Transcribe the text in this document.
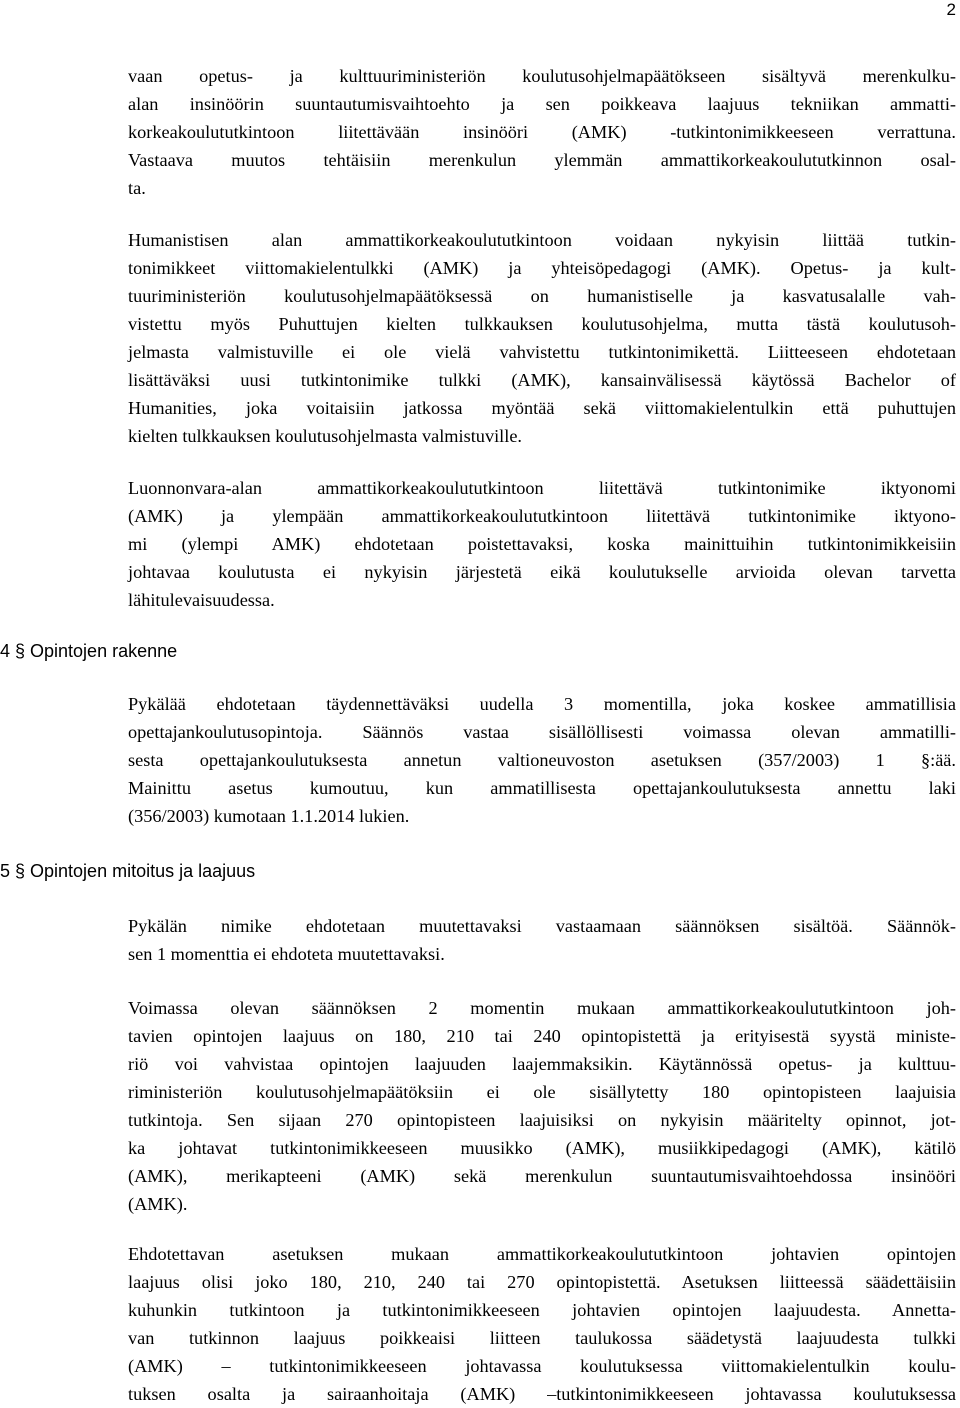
2
4 § Opintojen rakenne
5 § Opintojen mitoitus ja laajuus
vaan opetus- ja kulttuuriministeriön koulutusohjelmapäätökseen sisältyvä merenkulku-
alan insinöörin suuntautumisvaihtoehto ja sen poikkeava laajuus tekniikan ammatti-
korkeakoulututkintoon liitettävään insinööri (AMK) -tutkintonimikkeeseen verrattuna.
Vastaava muutos tehtäisiin merenkulun ylemmän ammattikorkeakoulututkinnon osal-
ta.
Humanistisen alan ammattikorkeakoulututkintoon voidaan nykyisin liittää tutkin-
tonimikkeet viittomakielentulkki (AMK) ja yhteisöpedagogi (AMK). Opetus- ja kult-
tuuriministeriön koulutusohjelmapäätöksessä on humanistiselle ja kasvatusalalle vah-
vistettu myös Puhuttujen kielten tulkkauksen koulutusohjelma, mutta tästä koulutusoh-
jelmasta valmistuville ei ole vielä vahvistettu tutkintonimikettä. Liitteeseen ehdotetaan
lisättäväksi uusi tutkintonimike tulkki (AMK), kansainvälisessä käytössä Bachelor of
Humanities, joka voitaisiin jatkossa myöntää sekä viittomakielentulkin että puhuttujen
kielten tulkkauksen koulutusohjelmasta valmistuville.
Luonnonvara-alan ammattikorkeakoulututkintoon liitettävä tutkintonimike iktyonomi
(AMK) ja ylempään ammattikorkeakoulututkintoon liitettävä tutkintonimike iktyono-
mi (ylempi AMK) ehdotetaan poistettavaksi, koska mainittuihin tutkintonimikkeisiin
johtavaa koulutusta ei nykyisin järjestetä eikä koulutukselle arvioida olevan tarvetta
lähitulevaisuudessa.
Pykälää ehdotetaan täydennettäväksi uudella 3 momentilla, joka koskee ammatillisia
opettajankoulutusopintoja. Säännös vastaa sisällöllisesti voimassa olevan ammatilli-
sesta opettajankoulutuksesta annetun valtioneuvoston asetuksen (357/2003) 1 §:ää.
Mainittu asetus kumoutuu, kun ammatillisesta opettajankoulutuksesta annettu laki
(356/2003) kumotaan 1.1.2014 lukien.
Pykälän nimike ehdotetaan muutettavaksi vastaamaan säännöksen sisältöä. Säännök-
sen 1 momenttia ei ehdoteta muutettavaksi.
Voimassa olevan säännöksen 2 momentin mukaan ammattikorkeakoulututkintoon joh-
tavien opintojen laajuus on 180, 210 tai 240 opintopistettä ja erityisestä syystä ministe-
riö voi vahvistaa opintojen laajuuden laajemmaksikin. Käytännössä opetus- ja kulttuu-
riministeriön koulutusohjelmapäätöksiin ei ole sisällytetty 180 opintopisteen laajuisia
tutkintoja. Sen sijaan 270 opintopisteen laajuisiksi on nykyisin määritelty opinnot, jot-
ka johtavat tutkintonimikkeeseen muusikko (AMK), musiikkipedagogi (AMK), kätilö
(AMK), merikapteeni (AMK) sekä merenkulun suuntautumisvaihtoehdossa insinööri
(AMK).
Ehdotettavan asetuksen mukaan ammattikorkeakoulututkintoon johtavien opintojen
laajuus olisi joko 180, 210, 240 tai 270 opintopistettä. Asetuksen liitteessä säädettäisiin
kuhunkin tutkintoon ja tutkintonimikkeeseen johtavien opintojen laajuudesta. Annetta-
van tutkinnon laajuus poikkeaisi liitteen taulukossa säädetystä laajuudesta tulkki
(AMK) – tutkintonimikkeeseen johtavassa koulutuksessa viittomakielentulkin koulu-
tuksen osalta ja sairaanhoitaja (AMK) –tutkintonimikkeeseen johtavassa koulutuksessa
